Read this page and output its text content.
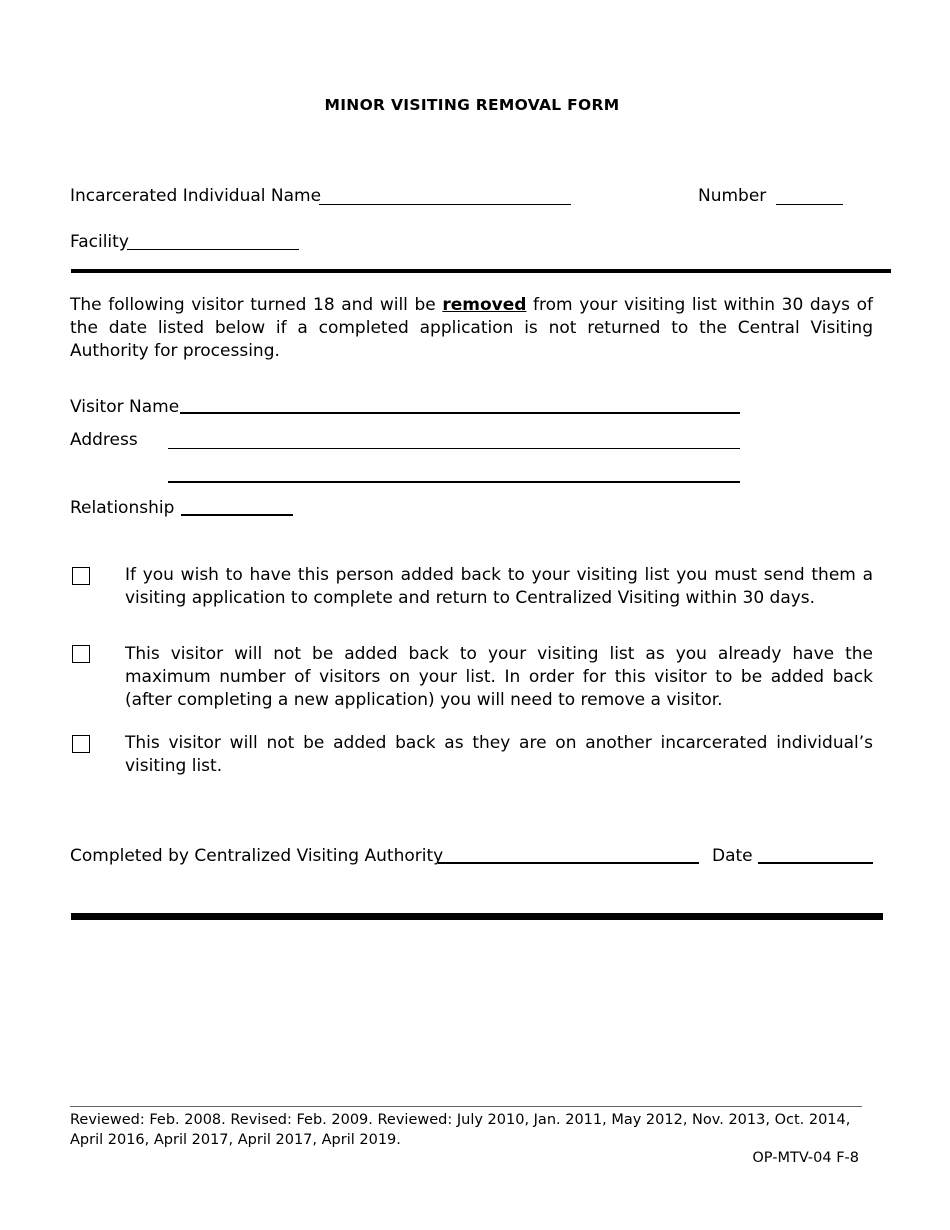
MINOR VISITING REMOVAL FORM
Incarcerated Individual Name	Number
Facility
The following visitor turned 18 and will be removed from your visiting list within 30 days of the date listed below if a completed application is not returned to the Central Visiting Authority for processing.
Visitor Name
Address
Relationship
If you wish to have this person added back to your visiting list you must send them a visiting application to complete and return to Centralized Visiting within 30 days.
This visitor will not be added back to your visiting list as you already have the maximum number of visitors on your list. In order for this visitor to be added back (after completing a new application) you will need to remove a visitor.
This visitor will not be added back as they are on another incarcerated individual’s visiting list.
Completed by Centralized Visiting Authority	Date
Reviewed: Feb. 2008. Revised: Feb. 2009. Reviewed: July 2010, Jan. 2011, May 2012, Nov. 2013, Oct. 2014, April 2016, April 2017, April 2017, April 2019.
OP-MTV-04 F-8
